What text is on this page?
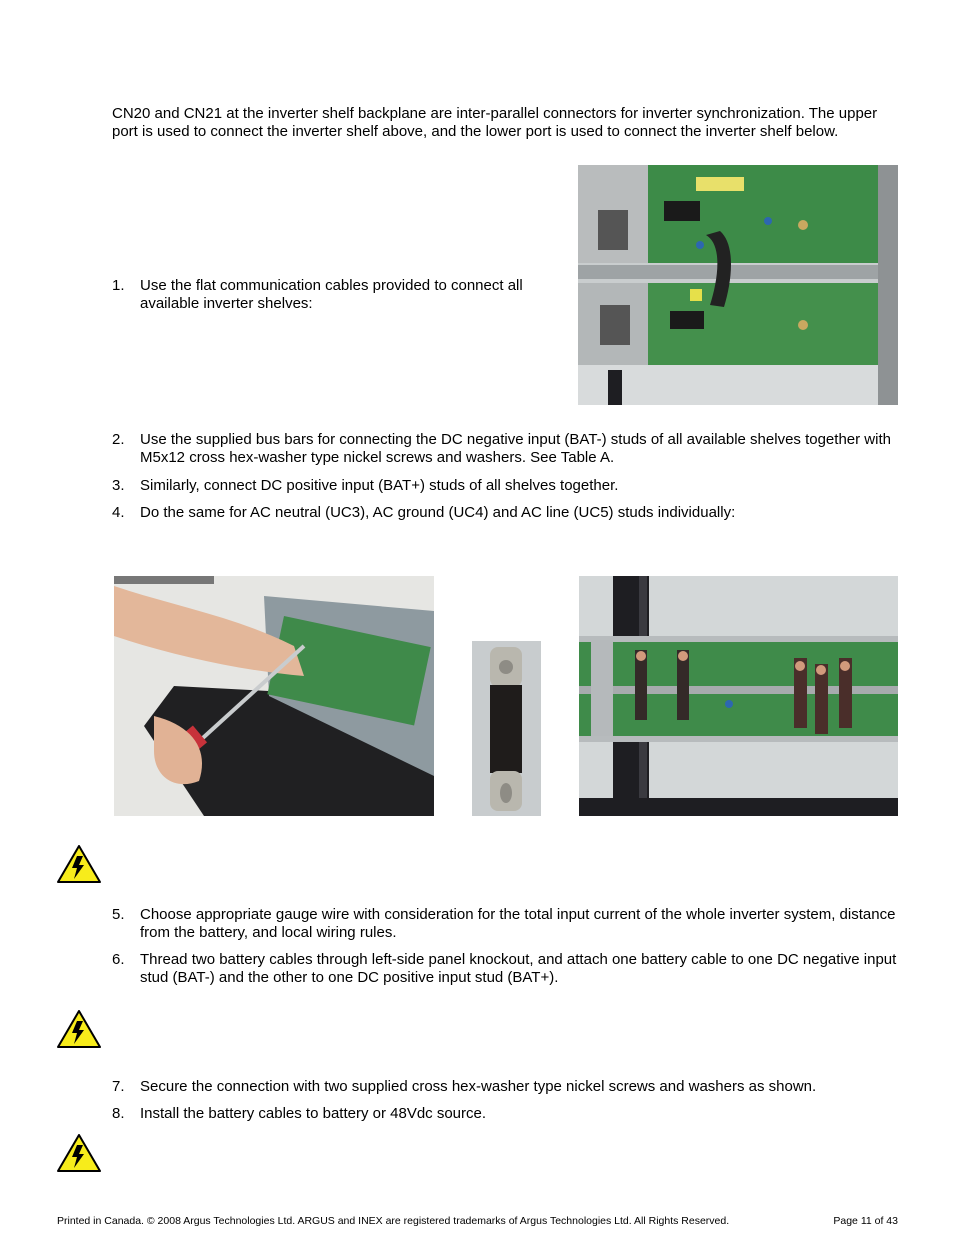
CN20 and CN21 at the inverter shelf backplane are inter-parallel connectors for inverter synchronization. The upper port is used to connect the inverter shelf above, and the lower port is used to connect the inverter shelf below.
1. Use the flat communication cables provided to connect all available inverter shelves:
2. Use the supplied bus bars for connecting the DC negative input (BAT-) studs of all available shelves together with M5x12 cross hex-washer type nickel screws and washers. See Table A.
3. Similarly, connect DC positive input (BAT+) studs of all shelves together.
4. Do the same for AC neutral (UC3), AC ground (UC4) and AC line (UC5) studs individually:
5. Choose appropriate gauge wire with consideration for the total input current of the whole inverter system, distance from the battery, and local wiring rules.
6. Thread two battery cables through left-side panel knockout, and attach one battery cable to one DC negative input stud (BAT-) and the other to one DC positive input stud (BAT+).
7. Secure the connection with two supplied cross hex-washer type nickel screws and washers as shown.
8. Install the battery cables to battery or 48Vdc source.
Printed in Canada. © 2008 Argus Technologies Ltd. ARGUS and INEX are registered trademarks of Argus Technologies Ltd. All Rights Reserved.	Page 11 of 43
